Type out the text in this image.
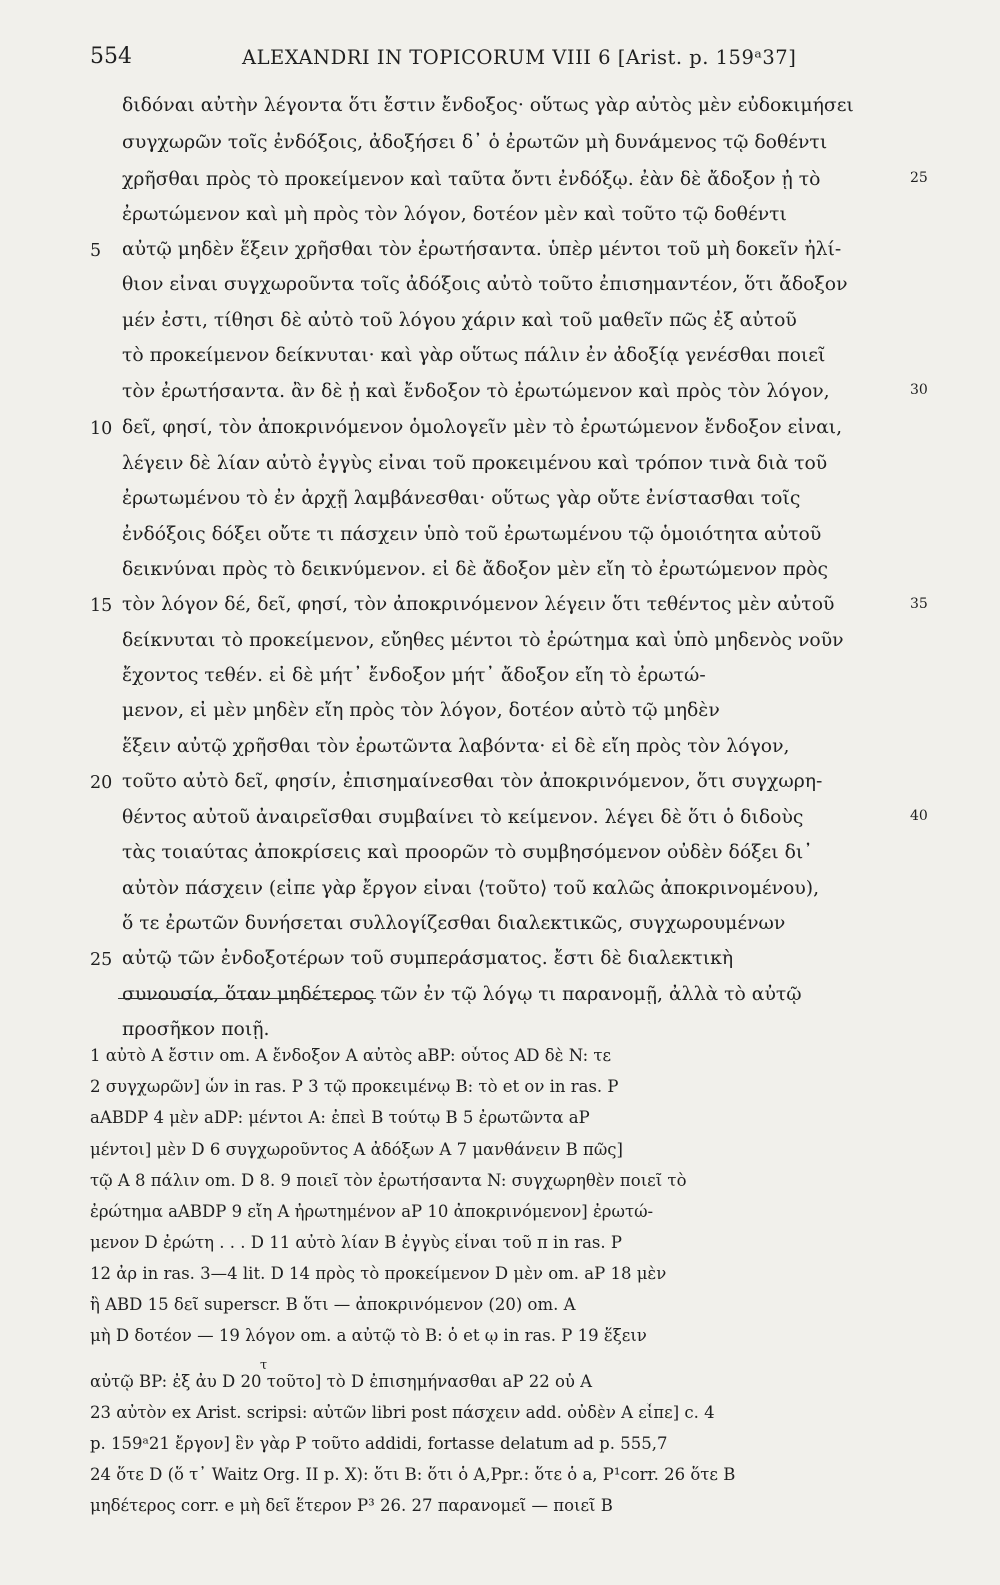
554	ALEXANDRI IN TOPICORUM VIII 6 [Arist. p. 159ᵃ37]
διδόναι αὐτὴν λέγοντα ὅτι ἔστιν ἔνδοξος· οὕτως γὰρ αὐτὸς μὲν εὐδοκιμήσει
συγχωρῶν τοῖς ἐνδόξοις, ἀδοξήσει δ᾽ ὁ ἐρωτῶν μὴ δυνάμενος τῷ δοθέντι
χρῆσθαι πρὸς τὸ προκείμενον καὶ ταῦτα ὄντι ἐνδόξῳ. ἐὰν δὲ ἄδοξον ᾖ τὸ
ἐρωτώμενον καὶ μὴ πρὸς τὸν λόγον, δοτέον μὲν καὶ τοῦτο τῷ δοθέντι
αὐτῷ μηδὲν ἕξειν χρῆσθαι τὸν ἐρωτήσαντα. ὑπὲρ μέντοι τοῦ μὴ δοκεῖν ἠλί-
θιον εἶναι συγχωροῦντα τοῖς ἀδόξοις αὐτὸ τοῦτο ἐπισημαντέον, ὅτι ἄδοξον
μέν ἐστι, τίθησι δὲ αὐτὸ τοῦ λόγου χάριν καὶ τοῦ μαθεῖν πῶς ἐξ αὐτοῦ
τὸ προκείμενον δείκνυται· καὶ γὰρ οὕτως πάλιν ἐν ἀδοξίᾳ γενέσθαι ποιεῖ
τὸν ἐρωτήσαντα. ἂν δὲ ᾖ καὶ ἔνδοξον τὸ ἐρωτώμενον καὶ πρὸς τὸν λόγον,
δεῖ, φησί, τὸν ἀποκρινόμενον ὁμολογεῖν μὲν τὸ ἐρωτώμενον ἔνδοξον εἶναι,
λέγειν δὲ λίαν αὐτὸ ἐγγὺς εἶναι τοῦ προκειμένου καὶ τρόπον τινὰ διὰ τοῦ
ἐρωτωμένου τὸ ἐν ἀρχῇ λαμβάνεσθαι· οὕτως γὰρ οὔτε ἐνίστασθαι τοῖς
ἐνδόξοις δόξει οὔτε τι πάσχειν ὑπὸ τοῦ ἐρωτωμένου τῷ ὁμοιότητα αὐτοῦ
δεικνύναι πρὸς τὸ δεικνύμενον. εἰ δὲ ἄδοξον μὲν εἴη τὸ ἐρωτώμενον πρὸς
τὸν λόγον δέ, δεῖ, φησί, τὸν ἀποκρινόμενον λέγειν ὅτι τεθέντος μὲν αὐτοῦ
δείκνυται τὸ προκείμενον, εὔηθες μέντοι τὸ ἐρώτημα καὶ ὑπὸ μηδενὸς νοῦν
ἔχοντος τεθέν. εἰ δὲ μήτ᾽ ἔνδοξον μήτ᾽ ἄδοξον εἴη τὸ ἐρωτώ-
μενον, εἰ μὲν μηδὲν εἴη πρὸς τὸν λόγον, δοτέον αὐτὸ τῷ μηδὲν
ἕξειν αὐτῷ χρῆσθαι τὸν ἐρωτῶντα λαβόντα· εἰ δὲ εἴη πρὸς τὸν λόγον,
τοῦτο αὐτὸ δεῖ, φησίν, ἐπισημαίνεσθαι τὸν ἀποκρινόμενον, ὅτι συγχωρη-
θέντος αὐτοῦ ἀναιρεῖσθαι συμβαίνει τὸ κείμενον. λέγει δὲ ὅτι ὁ διδοὺς
τὰς τοιαύτας ἀποκρίσεις καὶ προορῶν τὸ συμβησόμενον οὐδὲν δόξει δι᾽
αὐτὸν πάσχειν (εἶπε γὰρ ἔργον εἶναι ⟨τοῦτο⟩ τοῦ καλῶς ἀποκρινομένου),
ὅ τε ἐρωτῶν δυνήσεται συλλογίζεσθαι διαλεκτικῶς, συγχωρουμένων
αὐτῷ τῶν ἐνδοξοτέρων τοῦ συμπεράσματος. ἔστι δὲ διαλεκτικὴ
συνουσία, ὅταν μηδέτερος τῶν ἐν τῷ λόγῳ τι παρανομῇ, ἀλλὰ τὸ αὐτῷ
προσῆκον ποιῇ.
5
10
15
20
25
25
30
35
40
1 αὐτὸ A ἔστιν om. A ἔνδοξον A αὐτὸς aBP: οὗτος AD δὲ N: τε
2 συγχωρῶν] ὧν in ras. P 3 τῷ προκειμένῳ B: τὸ et ον in ras. P
aABDP 4 μὲν aDP: μέντοι A: ἐπεὶ B τούτῳ B 5 ἐρωτῶντα aP
μέντοι] μὲν D 6 συγχωροῦντος A ἀδόξων A 7 μανθάνειν B πῶς]
τῷ A 8 πάλιν om. D 8. 9 ποιεῖ τὸν ἐρωτήσαντα N: συγχωρηθὲν ποιεῖ τὸ
ἐρώτημα aABDP 9 εἴη A ἠρωτημένον aP 10 ἀποκρινόμενον] ἐρωτώ-
μενον D ἐρώτη . . . D 11 αὐτὸ λίαν B ἐγγὺς εἶναι τοῦ π in ras. P
12 ἀρ in ras. 3—4 lit. D 14 πρὸς τὸ προκείμενον D μὲν om. aP 18 μὲν
ἢ ABD 15 δεῖ superscr. B ὅτι — ἀποκρινόμενον (20) om. A
μὴ D δοτέον — 19 λόγον om. a αὐτῷ τὸ B: ὁ et ῳ in ras. P 19 ἕξειν
τ
αὐτῷ BP: ἐξ ἀυ D 20 τοῦτο] τὸ D ἐπισημήνασθαι aP 22 οὐ A
23 αὐτὸν ex Arist. scripsi: αὐτῶν libri post πάσχειν add. οὐδὲν A εἶπε] c. 4
p. 159ᵃ21 ἔργον] ἓν γὰρ P τοῦτο addidi, fortasse delatum ad p. 555,7
24 ὅτε D (ὅ τ᾽ Waitz Org. II p. X): ὅτι B: ὅτι ὁ A,Ppr.: ὅτε ὁ a, P¹corr. 26 ὅτε B
μηδέτερος corr. e μὴ δεῖ ἕτερον P³ 26. 27 παρανομεῖ — ποιεῖ B
